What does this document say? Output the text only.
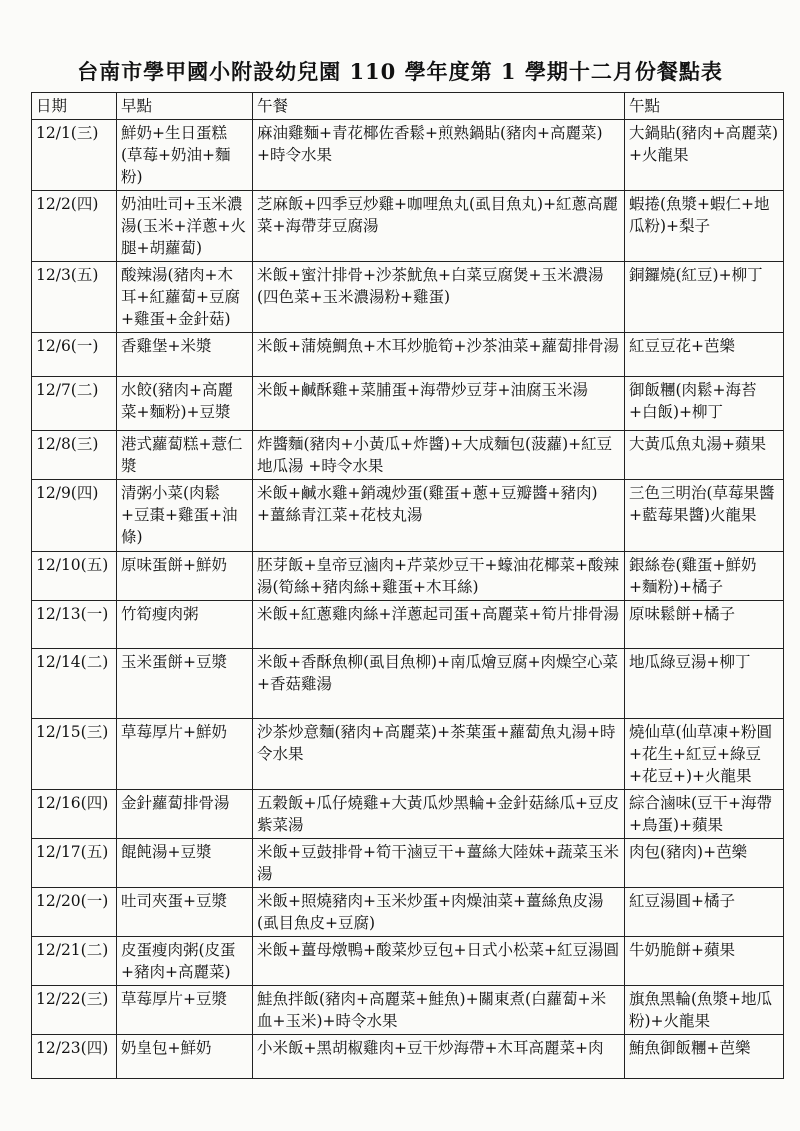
台南市學甲國小附設幼兒園 110 學年度第 1 學期十二月份餐點表
日期	早點	午餐	午點
12/1(三)	鮮奶+生日蛋糕(草莓+奶油+麵粉)	麻油雞麵+青花椰佐香鬆+煎熟鍋貼(豬肉+高麗菜)+時令水果	大鍋貼(豬肉+高麗菜)+火龍果
12/2(四)	奶油吐司+玉米濃湯(玉米+洋蔥+火腿+胡蘿蔔)	芝麻飯+四季豆炒雞+咖哩魚丸(虱目魚丸)+紅蔥高麗菜+海帶芽豆腐湯	蝦捲(魚漿+蝦仁+地瓜粉)+梨子
12/3(五)	酸辣湯(豬肉+木耳+紅蘿蔔+豆腐+雞蛋+金針菇)	米飯+蜜汁排骨+沙茶魷魚+白菜豆腐煲+玉米濃湯(四色菜+玉米濃湯粉+雞蛋)	銅鑼燒(紅豆)+柳丁
12/6(一)	香雞堡+米漿	米飯+蒲燒鯛魚+木耳炒脆筍+沙茶油菜+蘿蔔排骨湯	紅豆豆花+芭樂
12/7(二)	水餃(豬肉+高麗菜+麵粉)+豆漿	米飯+鹹酥雞+菜脯蛋+海帶炒豆芽+油腐玉米湯	御飯糰(肉鬆+海苔+白飯)+柳丁
12/8(三)	港式蘿蔔糕+薏仁漿	炸醬麵(豬肉+小黃瓜+炸醬)+大成麵包(菠蘿)+紅豆地瓜湯 +時令水果	大黃瓜魚丸湯+蘋果
12/9(四)	清粥小菜(肉鬆+豆棗+雞蛋+油條)	米飯+鹹水雞+銷魂炒蛋(雞蛋+蔥+豆瓣醬+豬肉)+薑絲青江菜+花枝丸湯	三色三明治(草莓果醬+藍莓果醬)火龍果
12/10(五)	原味蛋餅+鮮奶	胚芽飯+皇帝豆滷肉+芹菜炒豆干+蠔油花椰菜+酸辣湯(筍絲+豬肉絲+雞蛋+木耳絲)	銀絲卷(雞蛋+鮮奶+麵粉)+橘子
12/13(一)	竹筍瘦肉粥	米飯+紅蔥雞肉絲+洋蔥起司蛋+高麗菜+筍片排骨湯	原味鬆餅+橘子
12/14(二)	玉米蛋餅+豆漿	米飯+香酥魚柳(虱目魚柳)+南瓜燴豆腐+肉燥空心菜+香菇雞湯	地瓜綠豆湯+柳丁
12/15(三)	草莓厚片+鮮奶	沙茶炒意麵(豬肉+高麗菜)+茶葉蛋+蘿蔔魚丸湯+時令水果	燒仙草(仙草凍+粉圓+花生+紅豆+綠豆+花豆+)+火龍果
12/16(四)	金針蘿蔔排骨湯	五穀飯+瓜仔燒雞+大黃瓜炒黑輪+金針菇絲瓜+豆皮紫菜湯	綜合滷味(豆干+海帶+鳥蛋)+蘋果
12/17(五)	餛飩湯+豆漿	米飯+豆鼓排骨+筍干滷豆干+薑絲大陸妹+蔬菜玉米湯	肉包(豬肉)+芭樂
12/20(一)	吐司夾蛋+豆漿	米飯+照燒豬肉+玉米炒蛋+肉燥油菜+薑絲魚皮湯(虱目魚皮+豆腐)	紅豆湯圓+橘子
12/21(二)	皮蛋瘦肉粥(皮蛋+豬肉+高麗菜)	米飯+薑母燉鴨+酸菜炒豆包+日式小松菜+紅豆湯圓	牛奶脆餅+蘋果
12/22(三)	草莓厚片+豆漿	鮭魚拌飯(豬肉+高麗菜+鮭魚)+關東煮(白蘿蔔+米血+玉米)+時令水果	旗魚黑輪(魚漿+地瓜粉)+火龍果
12/23(四)	奶皇包+鮮奶	小米飯+黑胡椒雞肉+豆干炒海帶+木耳高麗菜+肉	鮪魚御飯糰+芭樂
